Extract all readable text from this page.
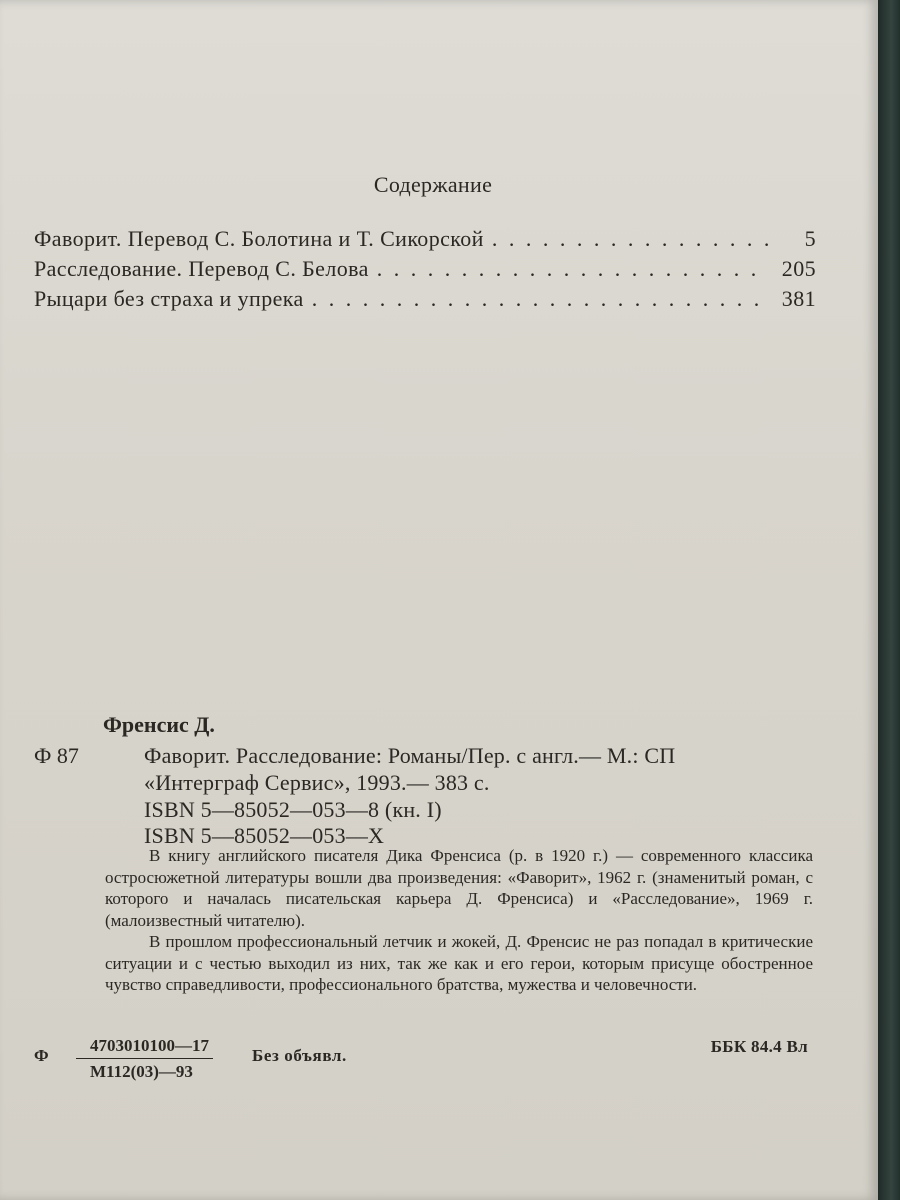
Содержание
Фаворит. Перевод С. Болотина и Т. Сикорской . . .	5
Расследование. Перевод С. Белова . . .	205
Рыцари без страха и упрека . . .	381
Френсис Д.
Ф 87	Фаворит. Расследование: Романы/Пер. с англ.— М.: СП
«Интерграф Сервис», 1993.— 383 с.
ISBN 5—85052—053—8 (кн. I)
ISBN 5—85052—053—X

В книгу английского писателя Дика Френсиса (р. в 1920 г.) — современного классика остросюжетной литературы вошли два произведения: «Фаворит», 1962 г. (знаменитый роман, с которого и началась писательская карьера Д. Френсиса) и «Расследование», 1969 г. (малоизвестный читателю).

В прошлом профессиональный летчик и жокей, Д. Френсис не раз попадал в критические ситуации и с честью выходил из них, так же как и его герои, которым присуще обостренное чувство справедливости, профессионального братства, мужества и человечности.

Ф
4703010100—17
М112(03)—93
Без объявл.	ББК 84.4 Вл
